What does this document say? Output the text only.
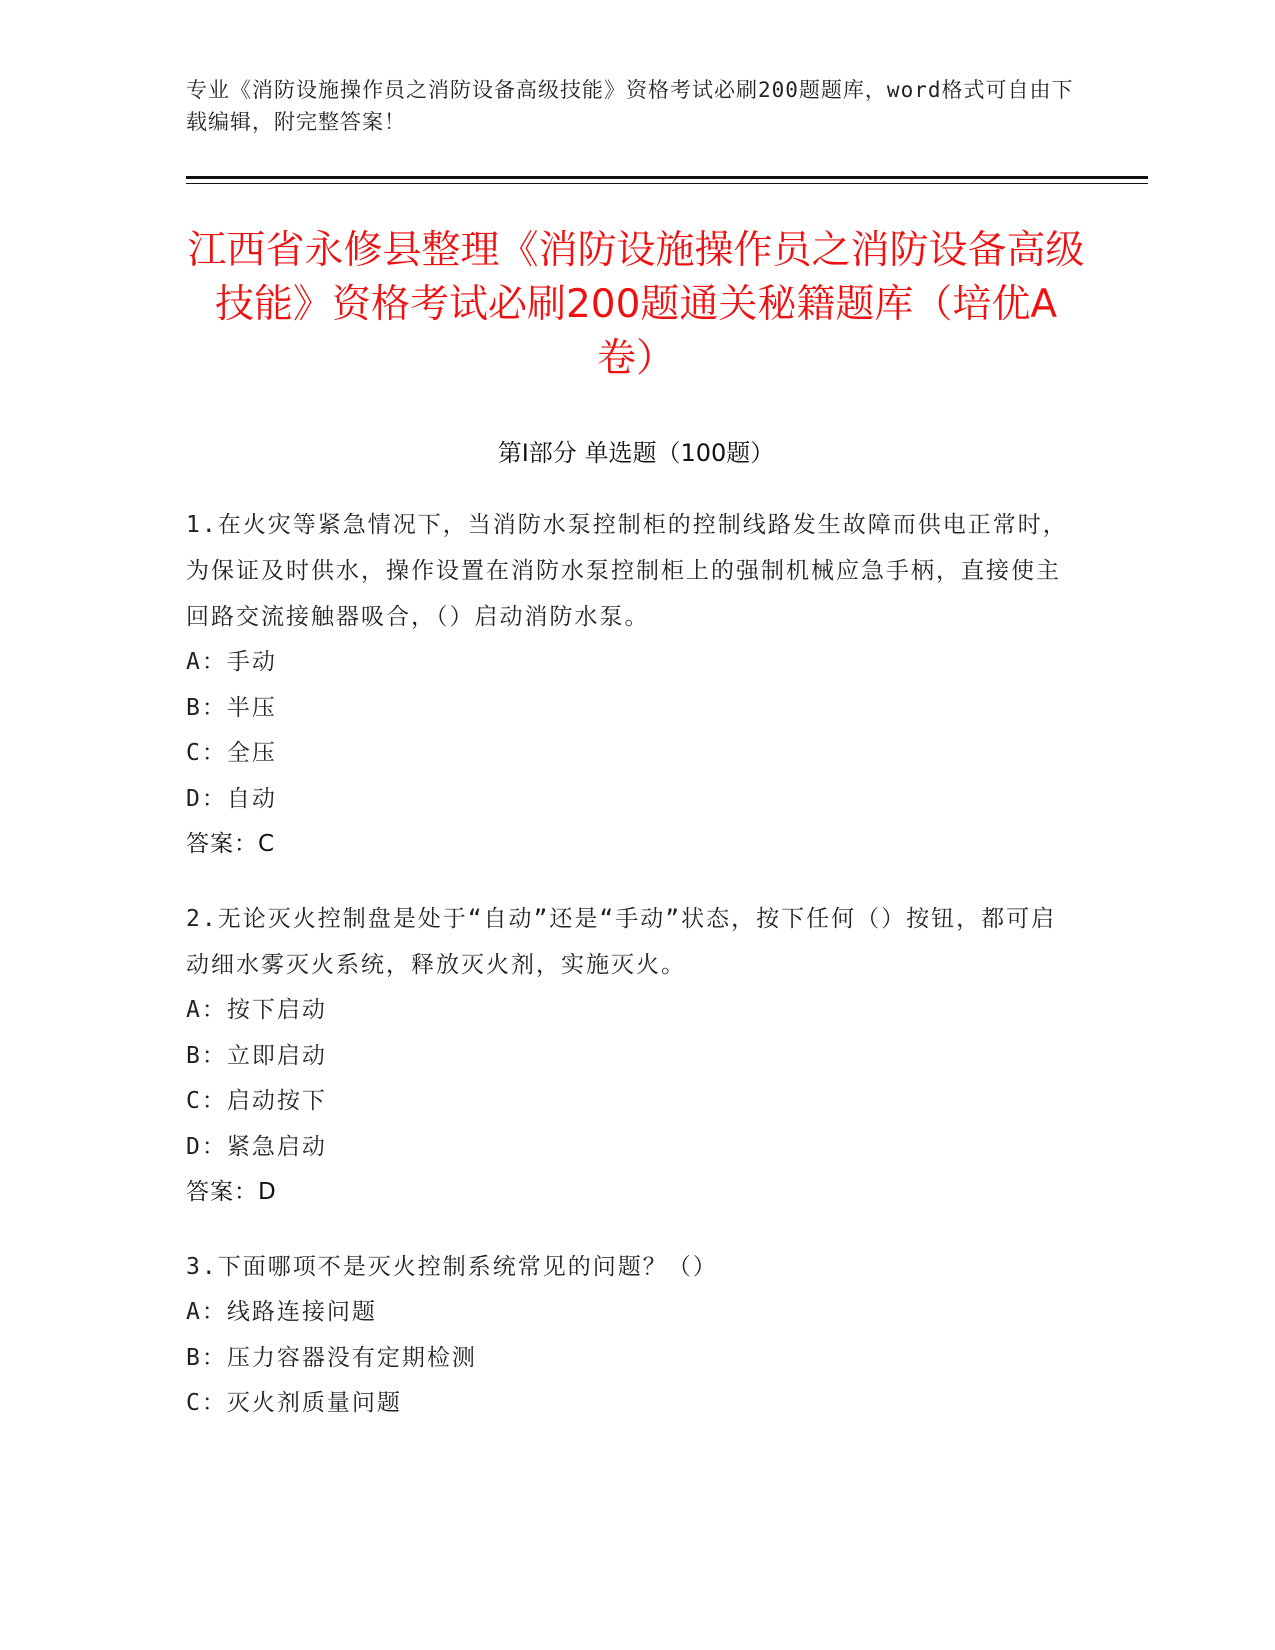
专业《消防设施操作员之消防设备高级技能》资格考试必刷200题题库，word格式可自由下载编辑，附完整答案！
江西省永修县整理《消防设施操作员之消防设备高级技能》资格考试必刷200题通关秘籍题库（培优A卷）
第Ⅰ部分 单选题（100题）
1.在火灾等紧急情况下，当消防水泵控制柜的控制线路发生故障而供电正常时，为保证及时供水，操作设置在消防水泵控制柜上的强制机械应急手柄，直接使主回路交流接触器吸合，（）启动消防水泵。
A：手动
B：半压
C：全压
D：自动
答案：C
2.无论灭火控制盘是处于“自动”还是“手动”状态，按下任何（）按钮，都可启动细水雾灭火系统，释放灭火剂，实施灭火。
A：按下启动
B：立即启动
C：启动按下
D：紧急启动
答案：D
3.下面哪项不是灭火控制系统常见的问题？（）
A：线路连接问题
B：压力容器没有定期检测
C：灭火剂质量问题
